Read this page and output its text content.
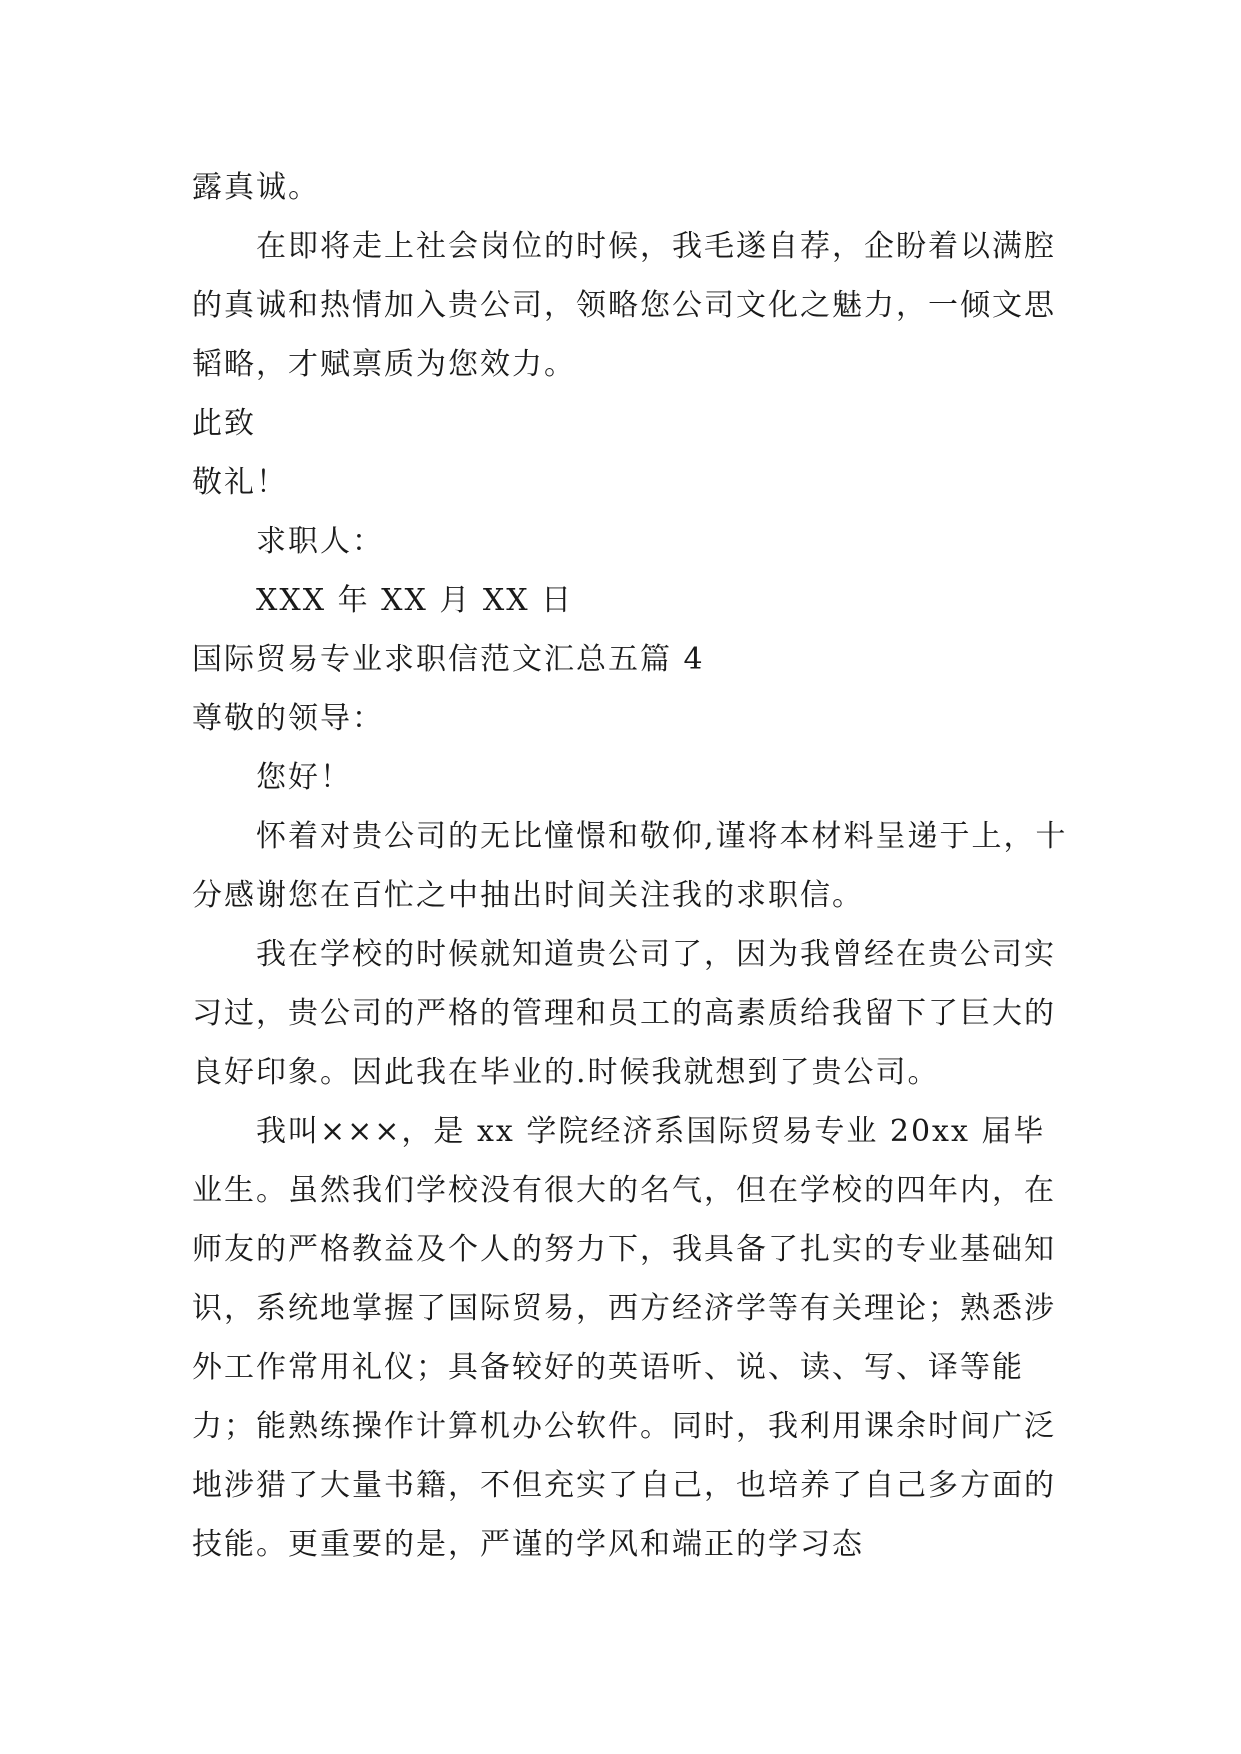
露真诚。

在即将走上社会岗位的时候，我毛遂自荐，企盼着以满腔的真诚和热情加入贵公司，领略您公司文化之魅力，一倾文思韬略，才赋禀质为您效力。

此致

敬礼！

求职人：

XXX 年 XX 月 XX 日

国际贸易专业求职信范文汇总五篇 4

尊敬的领导：

您好！

怀着对贵公司的无比憧憬和敬仰,谨将本材料呈递于上，十分感谢您在百忙之中抽出时间关注我的求职信。

我在学校的时候就知道贵公司了，因为我曾经在贵公司实习过，贵公司的严格的管理和员工的高素质给我留下了巨大的良好印象。因此我在毕业的.时候我就想到了贵公司。

我叫×××，是 xx 学院经济系国际贸易专业 20xx 届毕业生。虽然我们学校没有很大的名气，但在学校的四年内，在师友的严格教益及个人的努力下，我具备了扎实的专业基础知识，系统地掌握了国际贸易，西方经济学等有关理论；熟悉涉外工作常用礼仪；具备较好的英语听、说、读、写、译等能力；能熟练操作计算机办公软件。同时，我利用课余时间广泛地涉猎了大量书籍，不但充实了自己，也培养了自己多方面的技能。更重要的是，严谨的学风和端正的学习态
